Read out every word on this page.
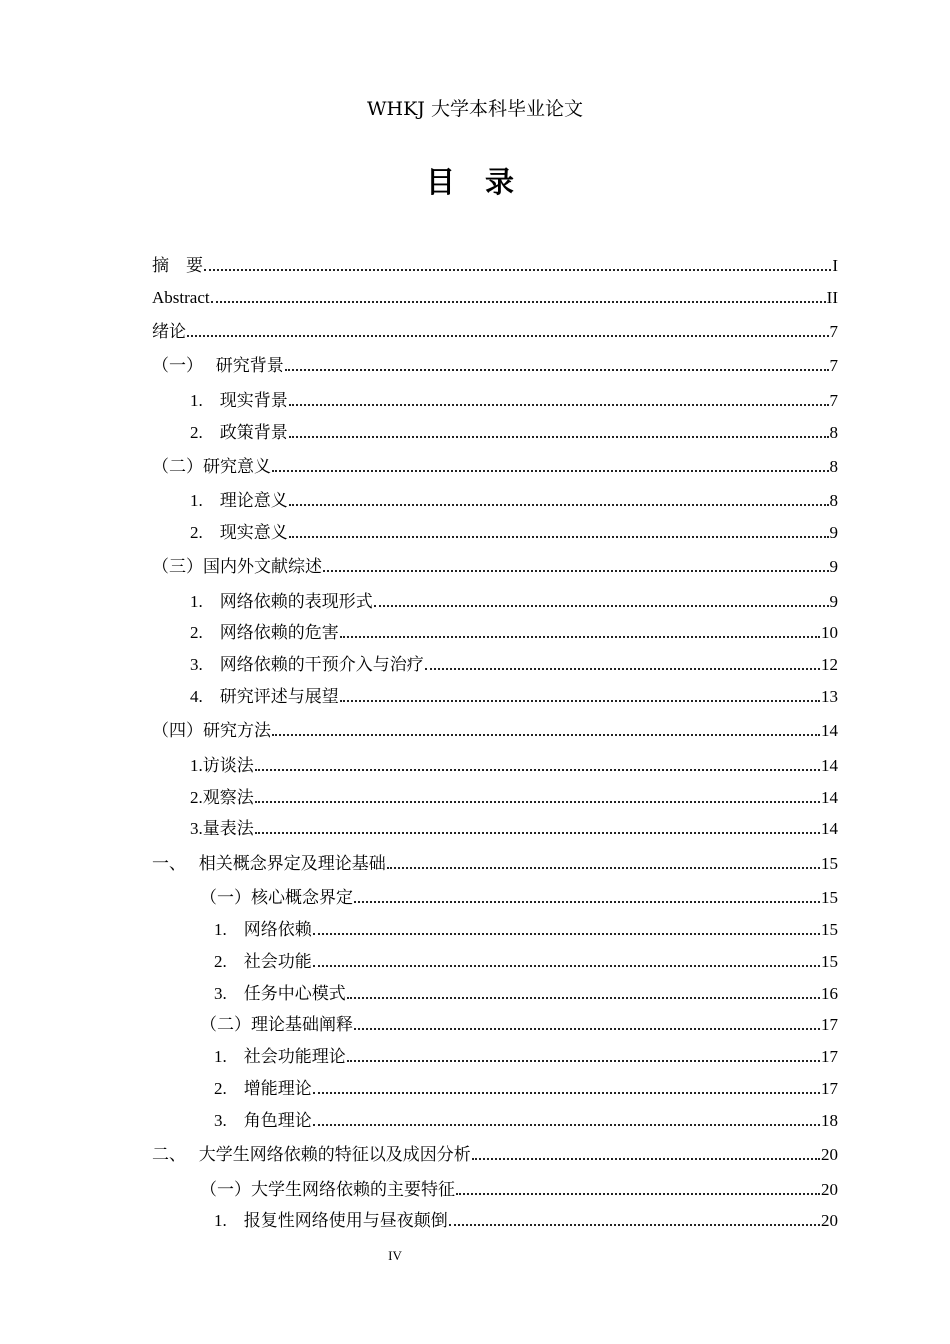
WHKJ 大学本科毕业论文
目 录
摘    要	I
Abstract	II
绪论	7
（一）   研究背景	7
1.    现实背景	7
2.    政策背景	8
（二）研究意义	8
1.    理论意义	8
2.    现实意义	9
（三）国内外文献综述	9
1.    网络依赖的表现形式	9
2.    网络依赖的危害	10
3.    网络依赖的干预介入与治疗	12
4.    研究评述与展望	13
（四）研究方法	14
1.访谈法	14
2.观察法	14
3.量表法	14
一、   相关概念界定及理论基础	15
（一）核心概念界定	15
1.    网络依赖	15
2.    社会功能	15
3.    任务中心模式	16
（二）理论基础阐释	17
1.    社会功能理论	17
2.    增能理论	17
3.    角色理论	18
二、   大学生网络依赖的特征以及成因分析	20
（一）大学生网络依赖的主要特征	20
1.    报复性网络使用与昼夜颠倒	20
IV
